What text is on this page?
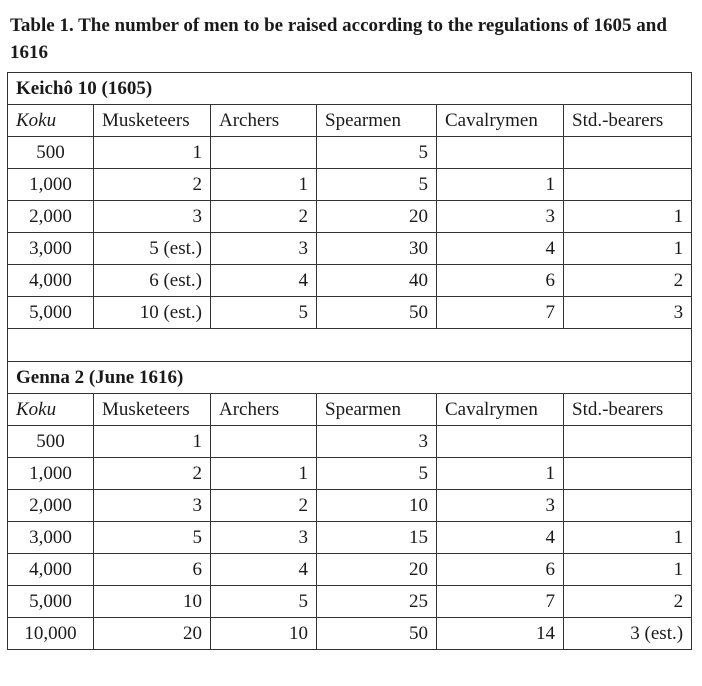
Table 1. The number of men to be raised according to the regulations of 1605 and 1616
Keichô 10 (1605)					
Koku	Musketeers	Archers	Spearmen	Cavalrymen	Std.-bearers
500	1		5		
1,000	2	1	5	1	
2,000	3	2	20	3	1
3,000	5 (est.)	3	30	4	1
4,000	6 (est.)	4	40	6	2
5,000	10 (est.)	5	50	7	3

Genna 2 (June 1616)					
Koku	Musketeers	Archers	Spearmen	Cavalrymen	Std.-bearers
500	1		3		
1,000	2	1	5	1	
2,000	3	2	10	3	
3,000	5	3	15	4	1
4,000	6	4	20	6	1
5,000	10	5	25	7	2
10,000	20	10	50	14	3 (est.)
